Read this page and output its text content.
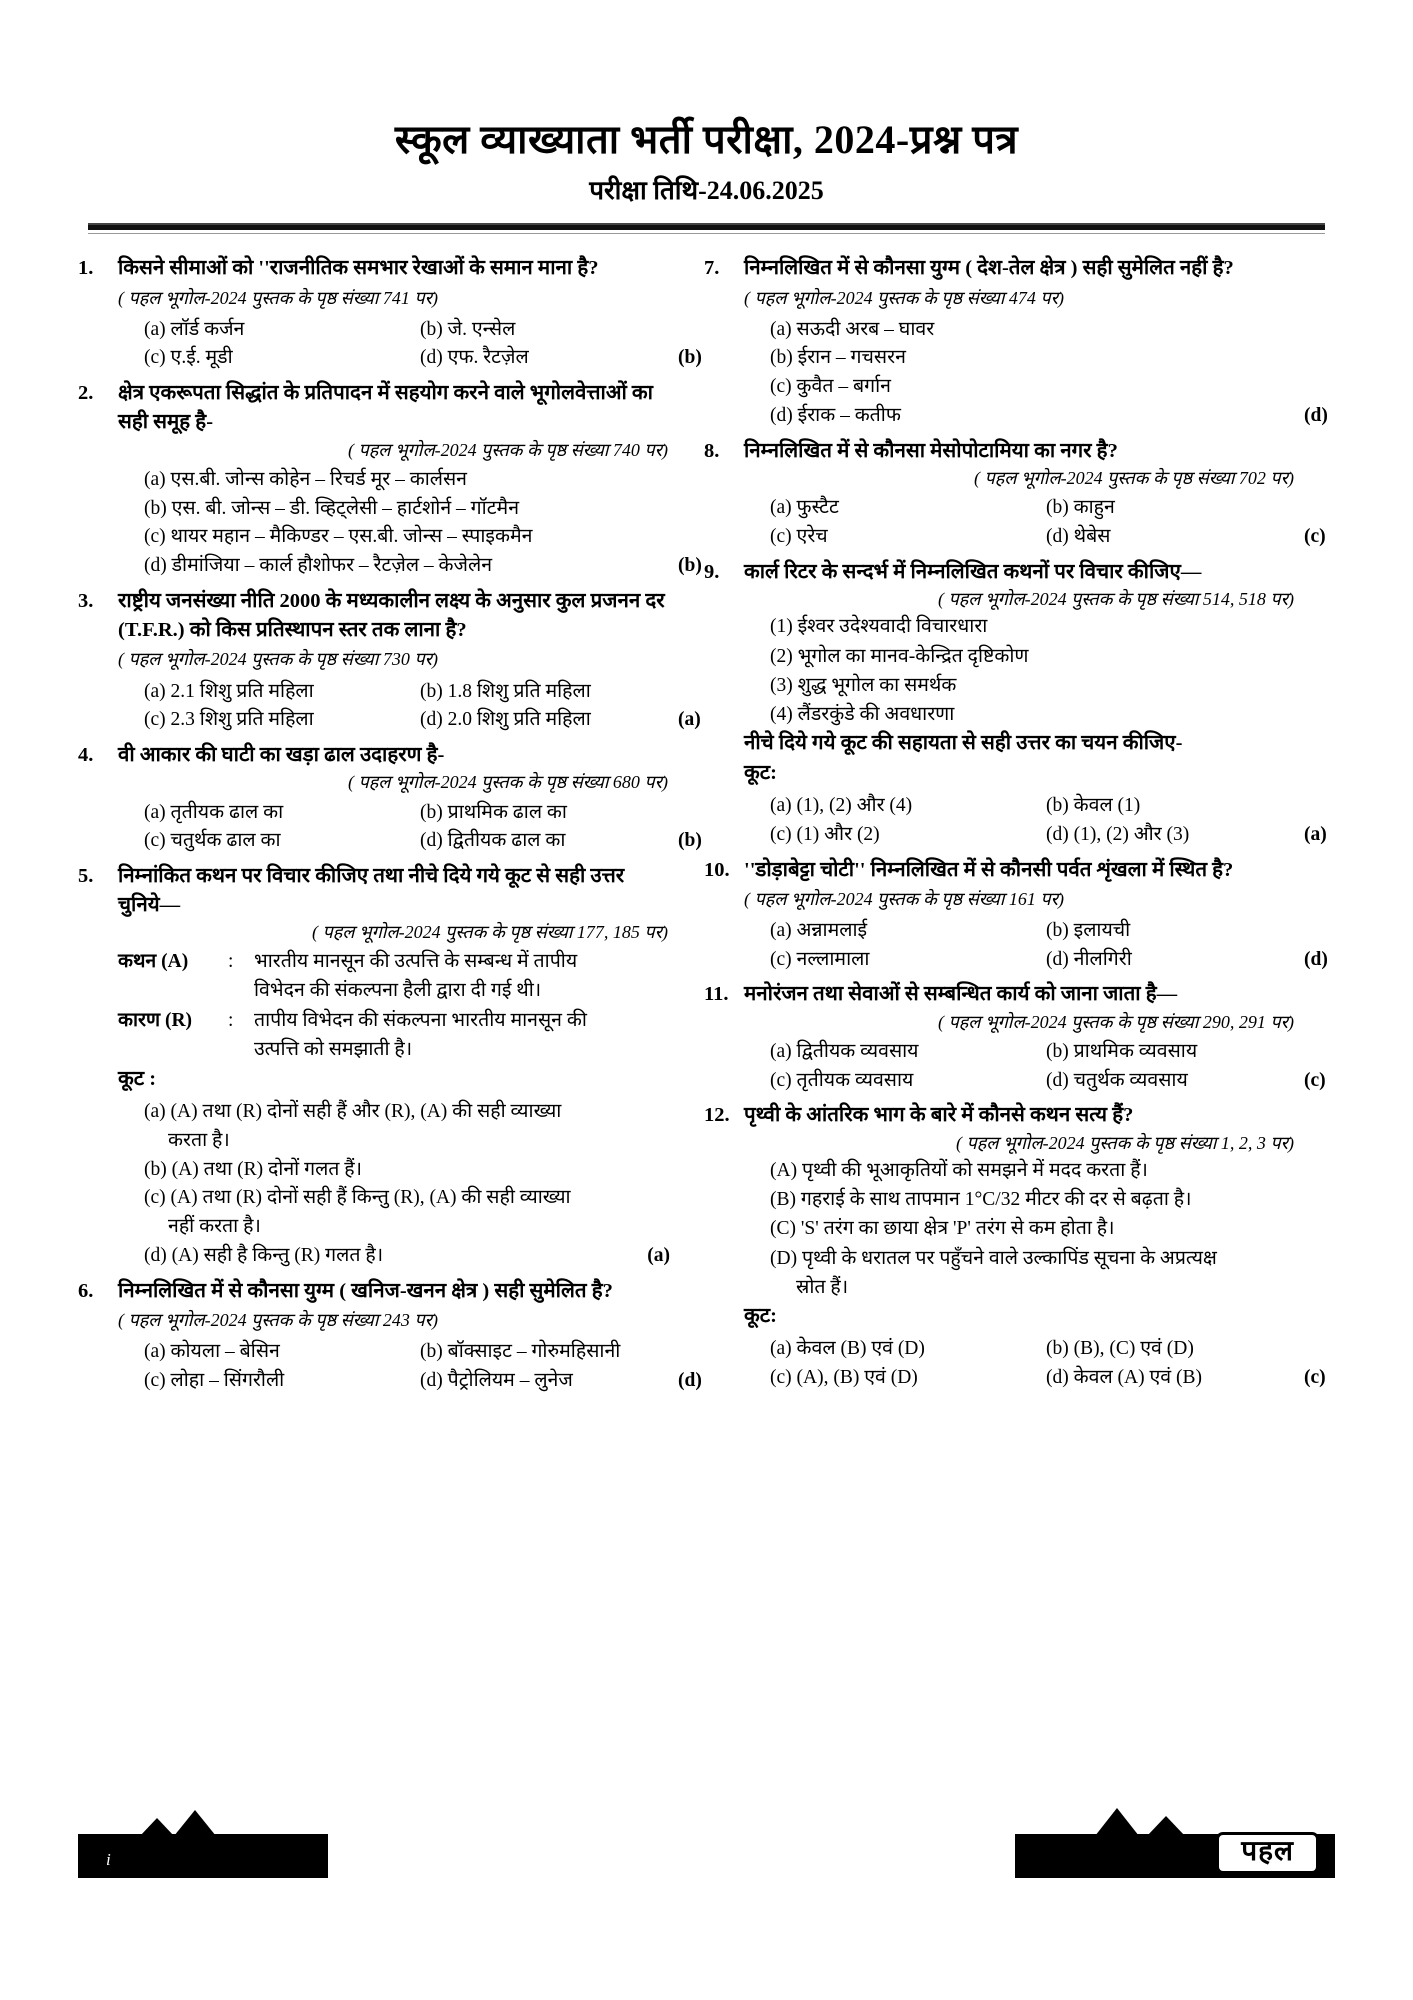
स्कूल व्याख्याता भर्ती परीक्षा, 2024-प्रश्न पत्र
परीक्षा तिथि-24.06.2025
1.	किसने सीमाओं को ''राजनीतिक समभार रेखाओं के समान माना है? ( पहल भूगोल-2024 पुस्तक के पृष्ठ संख्या 741 पर)
(a) लॉर्ड कर्जन	(b) जे. एन्सेल
(c) ए.ई. मूडी	(d) एफ. रैटजे़ल	(b)
2.	क्षेत्र एकरूपता सिद्धांत के प्रतिपादन में सहयोग करने वाले भूगोलवेत्ताओं का सही समूह है-
( पहल भूगोल-2024 पुस्तक के पृष्ठ संख्या 740 पर)
(a) एस.बी. जोन्स कोहेन – रिचर्ड मूर – कार्लसन
(b) एस. बी. जोन्स – डी. व्हिट्लेसी – हार्टशोर्न – गॉटमैन
(c) थायर महान – मैकिण्डर – एस.बी. जोन्स – स्पाइकमैन
(d) डीमांजिया – कार्ल हौशोफर – रैटजे़ल – केजेलेन	(b)
3.	राष्ट्रीय जनसंख्या नीति 2000 के मध्यकालीन लक्ष्य के अनुसार कुल प्रजनन दर (T.F.R.) को किस प्रतिस्थापन स्तर तक लाना है? ( पहल भूगोल-2024 पुस्तक के पृष्ठ संख्या 730 पर)
(a) 2.1 शिशु प्रति महिला	(b) 1.8 शिशु प्रति महिला
(c) 2.3 शिशु प्रति महिला	(d) 2.0 शिशु प्रति महिला	(a)
4.	वी आकार की घाटी का खड़ा ढाल उदाहरण है-
( पहल भूगोल-2024 पुस्तक के पृष्ठ संख्या 680 पर)
(a) तृतीयक ढाल का	(b) प्राथमिक ढाल का
(c) चतुर्थक ढाल का	(d) द्वितीयक ढाल का	(b)
5.	निम्नांकित कथन पर विचार कीजिए तथा नीचे दिये गये कूट से सही उत्तर चुनिये—
( पहल भूगोल-2024 पुस्तक के पृष्ठ संख्या 177, 185 पर)
कथन (A)	:	भारतीय मानसून की उत्पत्ति के सम्बन्ध में तापीय
विभेदन की संकल्पना हैली द्वारा दी गई थी।
कारण (R)	:	तापीय विभेदन की संकल्पना भारतीय मानसून की
उत्पत्ति को समझाती है।
कूट :
(a) (A) तथा (R) दोनों सही हैं और (R), (A) की सही व्याख्या
करता है।
(b) (A) तथा (R) दोनों गलत हैं।
(c) (A) तथा (R) दोनों सही हैं किन्तु (R), (A) की सही व्याख्या
नहीं करता है।
(d) (A) सही है किन्तु (R) गलत है।	(a)
6.	निम्नलिखित में से कौनसा युग्म ( खनिज-खनन क्षेत्र ) सही सुमेलित है? ( पहल भूगोल-2024 पुस्तक के पृष्ठ संख्या 243 पर)
(a) कोयला – बेसिन	(b) बॉक्साइट – गोरुमहिसानी
(c) लोहा – सिंगरौली	(d) पैट्रोलियम – लुनेज	(d)
7.	निम्नलिखित में से कौनसा युग्म ( देश-तेल क्षेत्र ) सही सुमेलित नहीं है? ( पहल भूगोल-2024 पुस्तक के पृष्ठ संख्या 474 पर)
(a) सऊदी अरब – घावर
(b) ईरान – गचसरन
(c) कुवैत – बर्गान
(d) ईराक – कतीफ	(d)
8.	निम्नलिखित में से कौनसा मेसोपोटामिया का नगर है?
( पहल भूगोल-2024 पुस्तक के पृष्ठ संख्या 702 पर)
(a) फुस्टैट	(b) काहुन
(c) एरेच	(d) थेबेस	(c)
9.	कार्ल रिटर के सन्दर्भ में निम्नलिखित कथनों पर विचार कीजिए—
( पहल भूगोल-2024 पुस्तक के पृष्ठ संख्या 514, 518 पर)
(1) ईश्वर उदेश्यवादी विचारधारा
(2) भूगोल का मानव-केन्द्रित दृष्टिकोण
(3) शुद्ध भूगोल का समर्थक
(4) लैंडरकुंडे की अवधारणा
नीचे दिये गये कूट की सहायता से सही उत्तर का चयन कीजिए-
कूट:
(a) (1), (2) और (4)	(b) केवल (1)
(c) (1) और (2)	(d) (1), (2) और (3)	(a)
10. ''डोड़ाबेट्टा चोटी'' निम्नलिखित में से कौनसी पर्वत शृंखला में स्थित है? ( पहल भूगोल-2024 पुस्तक के पृष्ठ संख्या 161 पर)
(a) अन्नामलाई	(b) इलायची
(c) नल्लामाला	(d) नीलगिरी	(d)
11. मनोरंजन तथा सेवाओं से सम्बन्धित कार्य को जाना जाता है—
( पहल भूगोल-2024 पुस्तक के पृष्ठ संख्या 290, 291 पर)
(a) द्वितीयक व्यवसाय	(b) प्राथमिक व्यवसाय
(c) तृतीयक व्यवसाय	(d) चतुर्थक व्यवसाय	(c)
12. पृथ्वी के आंतरिक भाग के बारे में कौनसे कथन सत्य हैं?
( पहल भूगोल-2024 पुस्तक के पृष्ठ संख्या 1, 2, 3 पर)
(A) पृथ्वी की भूआकृतियों को समझने में मदद करता हैं।
(B) गहराई के साथ तापमान 1°C/32 मीटर की दर से बढ़ता है।
(C) 'S' तरंग का छाया क्षेत्र 'P' तरंग से कम होता है।
(D) पृथ्वी के धरातल पर पहुँचने वाले उल्कापिंड सूचना के अप्रत्यक्ष
स्रोत हैं।
कूट:
(a) केवल (B) एवं (D)	(b) (B), (C) एवं (D)
(c) (A), (B) एवं (D)	(d) केवल (A) एवं (B)	(c)
i	पहल
